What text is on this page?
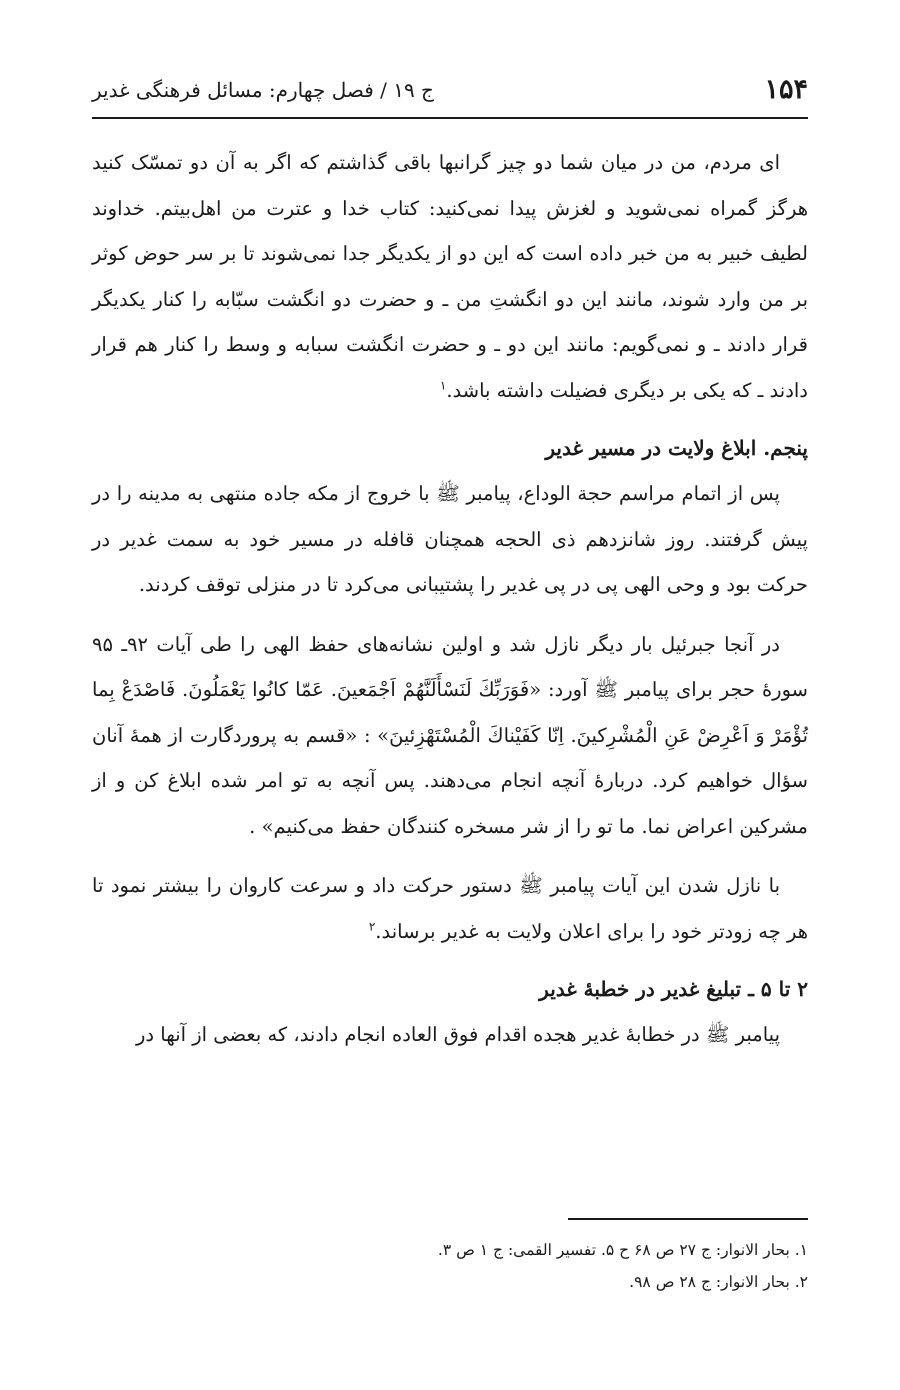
۱۵۴
ج ۱۹ / فصل چهارم: مسائل فرهنگی غدیر

ای مردم، من در میان شما دو چیز گرانبها باقی گذاشتم که اگر به آن دو تمسّک کنید هرگز گمراه نمی‌شوید و لغزش پیدا نمی‌کنید: کتاب خدا و عترت من اهل‌بیتم. خداوند لطیف خبیر به من خبر داده است که این دو از یکدیگر جدا نمی‌شوند تا بر سر حوض کوثر بر من وارد شوند، مانند این دو انگشتِ من ـ و حضرت دو انگشت سبّابه را کنار یکدیگر قرار دادند ـ و نمی‌گویم: مانند این دو ـ و حضرت انگشت سبابه و وسط را کنار هم قرار دادند ـ که یکی بر دیگری فضیلت داشته باشد.$^۱$

پنجم. ابلاغ ولایت در مسیر غدیر

پس از اتمام مراسم حجة الوداع، پیامبر ﷺ با خروج از مکه جاده منتهی به مدینه را در پیش گرفتند. روز شانزدهم ذی الحجه همچنان قافله در مسیر خود به سمت غدیر در حرکت بود و وحی الهی پی در پی غدیر را پشتیبانی می‌کرد تا در منزلی توقف کردند.

در آنجا جبرئیل بار دیگر نازل شد و اولین نشانه‌های حفظ الهی را طی آیات ۹۲ـ ۹۵ سورهٔ حجر برای پیامبر ﷺ آورد: «فَوَرَبِّكَ لَنَسْأَلَنَّهُمْ اَجْمَعينَ. عَمّا كانُوا يَعْمَلُونَ. فَاصْدَعْ بِما تُؤْمَرْ وَ اَعْرِضْ عَنِ الْمُشْرِكينَ. اِنّا كَفَيْناكَ الْمُسْتَهْزِئينَ» : «قسم به پروردگارت از همهٔ آنان سؤال خواهیم کرد. دربارهٔ آنچه انجام می‌دهند. پس آنچه به تو امر شده ابلاغ کن و از مشرکین اعراض نما. ما تو را از شر مسخره کنندگان حفظ می‌کنیم» .

با نازل شدن این آیات پیامبر ﷺ دستور حرکت داد و سرعت کاروان را بیشتر نمود تا هر چه زودتر خود را برای اعلان ولایت به غدیر برساند.$^۲$

۲ تا ۵ ـ تبلیغ غدیر در خطبهٔ غدیر

پیامبر ﷺ در خطابهٔ غدیر هجده اقدام فوق العاده انجام دادند، که بعضی از آنها در

۱. بحار الانوار: ج ۲۷ ص ۶۸ ح ۵. تفسیر القمی: ج ۱ ص ۳.
۲. بحار الانوار: ج ۲۸ ص ۹۸.
